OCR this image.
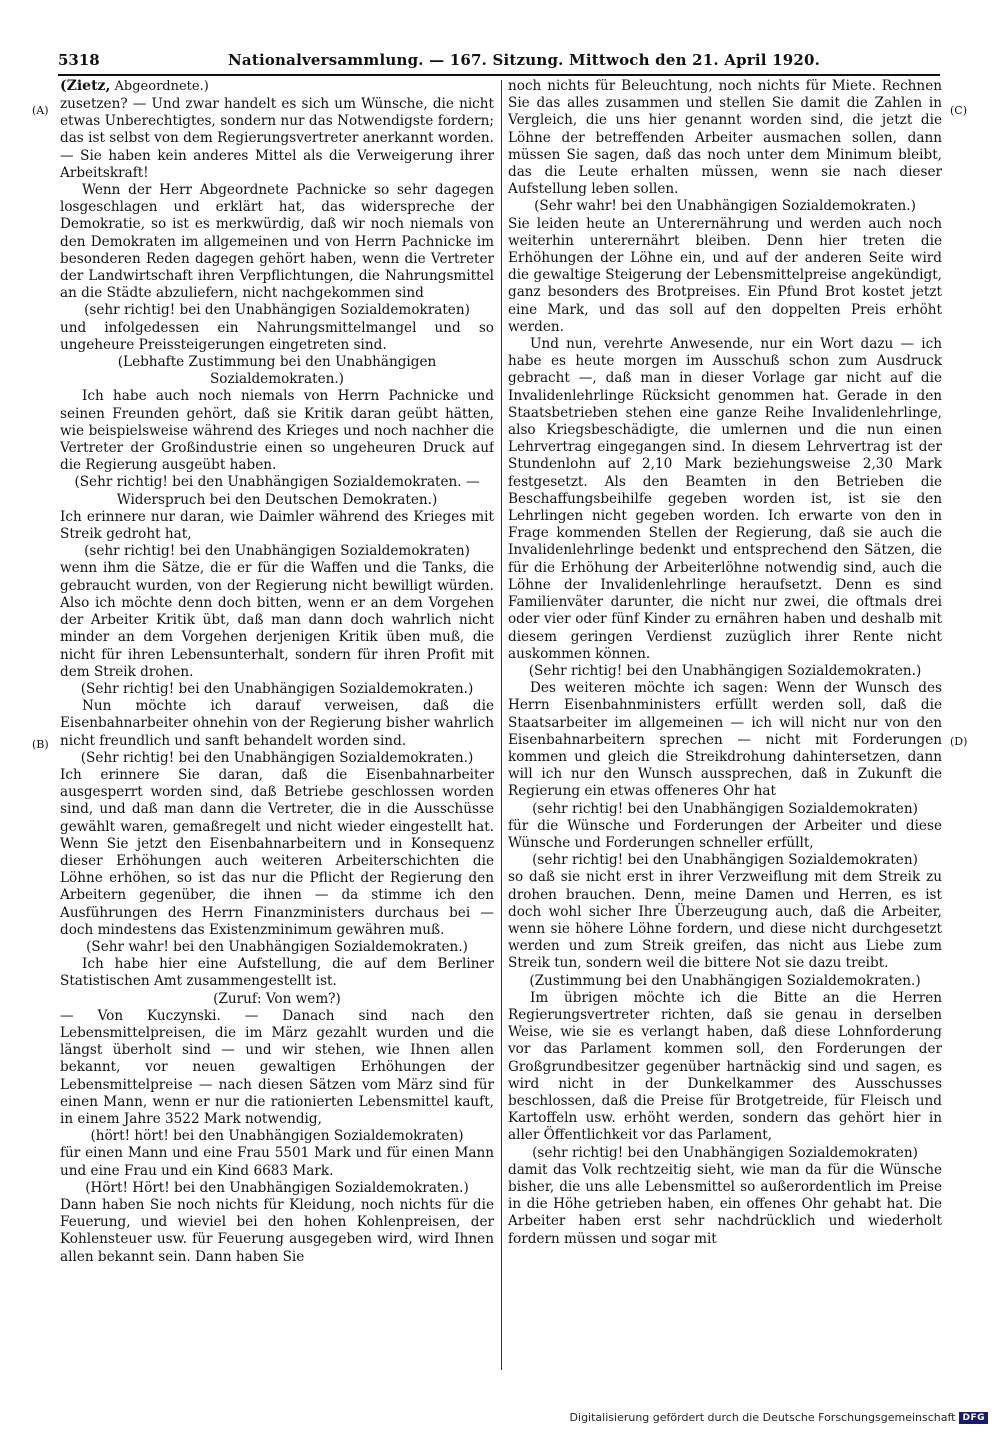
5318	Nationalversammlung. — 167. Sitzung. Mittwoch den 21. April 1920.
(Zietz, Abgeordnete.)
(A)
(B)
(C)
(D)

zusetzen? — Und zwar handelt es sich um Wünsche, die nicht etwas Unberechtigtes, sondern nur das Notwendigste fordern; das ist selbst von dem Regierungsvertreter anerkannt worden. — Sie haben kein anderes Mittel als die Verweigerung ihrer Arbeitskraft!

Wenn der Herr Abgeordnete Pachnicke so sehr dagegen losgeschlagen und erklärt hat, das widerspreche der Demokratie, so ist es merkwürdig, daß wir noch niemals von den Demokraten im allgemeinen und von Herrn Pachnicke im besonderen Reden dagegen gehört haben, wenn die Vertreter der Landwirtschaft ihren Verpflichtungen, die Nahrungsmittel an die Städte abzuliefern, nicht nachgekommen sind

(sehr richtig! bei den Unabhängigen Sozialdemokraten)

und infolgedessen ein Nahrungsmittelmangel und so ungeheure Preissteigerungen eingetreten sind.

(Lebhafte Zustimmung bei den Unabhängigen Sozialdemokraten.)

Ich habe auch noch niemals von Herrn Pachnicke und seinen Freunden gehört, daß sie Kritik daran geübt hätten, wie beispielsweise während des Krieges und noch nachher die Vertreter der Großindustrie einen so ungeheuren Druck auf die Regierung ausgeübt haben.

(Sehr richtig! bei den Unabhängigen Sozialdemokraten. — Widerspruch bei den Deutschen Demokraten.)

Ich erinnere nur daran, wie Daimler während des Krieges mit Streik gedroht hat,

(sehr richtig! bei den Unabhängigen Sozialdemokraten)

wenn ihm die Sätze, die er für die Waffen und die Tanks, die gebraucht wurden, von der Regierung nicht bewilligt würden. Also ich möchte denn doch bitten, wenn er an dem Vorgehen der Arbeiter Kritik übt, daß man dann doch wahrlich nicht minder an dem Vorgehen derjenigen Kritik üben muß, die nicht für ihren Lebensunterhalt, sondern für ihren Profit mit dem Streik drohen.

(Sehr richtig! bei den Unabhängigen Sozialdemokraten.)

Nun möchte ich darauf verweisen, daß die Eisenbahnarbeiter ohnehin von der Regierung bisher wahrlich nicht freundlich und sanft behandelt worden sind.

(Sehr richtig! bei den Unabhängigen Sozialdemokraten.)

Ich erinnere Sie daran, daß die Eisenbahnarbeiter ausgesperrt worden sind, daß Betriebe geschlossen worden sind, und daß man dann die Vertreter, die in die Ausschüsse gewählt waren, gemaßregelt und nicht wieder eingestellt hat. Wenn Sie jetzt den Eisenbahnarbeitern und in Konsequenz dieser Erhöhungen auch weiteren Arbeiterschichten die Löhne erhöhen, so ist das nur die Pflicht der Regierung den Arbeitern gegenüber, die ihnen — da stimme ich den Ausführungen des Herrn Finanzministers durchaus bei — doch mindestens das Existenzminimum gewähren muß.

(Sehr wahr! bei den Unabhängigen Sozialdemokraten.)

Ich habe hier eine Aufstellung, die auf dem Berliner Statistischen Amt zusammengestellt ist.

(Zuruf: Von wem?)

— Von Kuczynski. — Danach sind nach den Lebensmittelpreisen, die im März gezahlt wurden und die längst überholt sind — und wir stehen, wie Ihnen allen bekannt, vor neuen gewaltigen Erhöhungen der Lebensmittelpreise — nach diesen Sätzen vom März sind für einen Mann, wenn er nur die rationierten Lebensmittel kauft, in einem Jahre 3522 Mark notwendig,

(hört! hört! bei den Unabhängigen Sozialdemokraten)

für einen Mann und eine Frau 5501 Mark und für einen Mann und eine Frau und ein Kind 6683 Mark.

(Hört! Hört! bei den Unabhängigen Sozialdemokraten.)

Dann haben Sie noch nichts für Kleidung, noch nichts für die Feuerung, und wieviel bei den hohen Kohlenpreisen, der Kohlensteuer usw. für Feuerung ausgegeben wird, wird Ihnen allen bekannt sein. Dann haben Sie

noch nichts für Beleuchtung, noch nichts für Miete. Rechnen Sie das alles zusammen und stellen Sie damit die Zahlen in Vergleich, die uns hier genannt worden sind, die jetzt die Löhne der betreffenden Arbeiter ausmachen sollen, dann müssen Sie sagen, daß das noch unter dem Minimum bleibt, das die Leute erhalten müssen, wenn sie nach dieser Aufstellung leben sollen.

(Sehr wahr! bei den Unabhängigen Sozialdemokraten.)

Sie leiden heute an Unterernährung und werden auch noch weiterhin unterernährt bleiben. Denn hier treten die Erhöhungen der Löhne ein, und auf der anderen Seite wird die gewaltige Steigerung der Lebensmittelpreise angekündigt, ganz besonders des Brotpreises. Ein Pfund Brot kostet jetzt eine Mark, und das soll auf den doppelten Preis erhöht werden.

Und nun, verehrte Anwesende, nur ein Wort dazu — ich habe es heute morgen im Ausschuß schon zum Ausdruck gebracht —, daß man in dieser Vorlage gar nicht auf die Invalidenlehrlinge Rücksicht genommen hat. Gerade in den Staatsbetrieben stehen eine ganze Reihe Invalidenlehrlinge, also Kriegsbeschädigte, die umlernen und die nun einen Lehrvertrag eingegangen sind. In diesem Lehrvertrag ist der Stundenlohn auf 2,10 Mark beziehungsweise 2,30 Mark festgesetzt. Als den Beamten in den Betrieben die Beschaffungsbeihilfe gegeben worden ist, ist sie den Lehrlingen nicht gegeben worden. Ich erwarte von den in Frage kommenden Stellen der Regierung, daß sie auch die Invalidenlehrlinge bedenkt und entsprechend den Sätzen, die für die Erhöhung der Arbeiterlöhne notwendig sind, auch die Löhne der Invalidenlehrlinge heraufsetzt. Denn es sind Familienväter darunter, die nicht nur zwei, die oftmals drei oder vier oder fünf Kinder zu ernähren haben und deshalb mit diesem geringen Verdienst zuzüglich ihrer Rente nicht auskommen können.

(Sehr richtig! bei den Unabhängigen Sozialdemokraten.)

Des weiteren möchte ich sagen: Wenn der Wunsch des Herrn Eisenbahnministers erfüllt werden soll, daß die Staatsarbeiter im allgemeinen — ich will nicht nur von den Eisenbahnarbeitern sprechen — nicht mit Forderungen kommen und gleich die Streikdrohung dahintersetzen, dann will ich nur den Wunsch aussprechen, daß in Zukunft die Regierung ein etwas offeneres Ohr hat

(sehr richtig! bei den Unabhängigen Sozialdemokraten)

für die Wünsche und Forderungen der Arbeiter und diese Wünsche und Forderungen schneller erfüllt,

(sehr richtig! bei den Unabhängigen Sozialdemokraten)

so daß sie nicht erst in ihrer Verzweiflung mit dem Streik zu drohen brauchen. Denn, meine Damen und Herren, es ist doch wohl sicher Ihre Überzeugung auch, daß die Arbeiter, wenn sie höhere Löhne fordern, und diese nicht durchgesetzt werden und zum Streik greifen, das nicht aus Liebe zum Streik tun, sondern weil die bittere Not sie dazu treibt.

(Zustimmung bei den Unabhängigen Sozialdemokraten.)

Im übrigen möchte ich die Bitte an die Herren Regierungsvertreter richten, daß sie genau in derselben Weise, wie sie es verlangt haben, daß diese Lohnforderung vor das Parlament kommen soll, den Forderungen der Großgrundbesitzer gegenüber hartnäckig sind und sagen, es wird nicht in der Dunkelkammer des Ausschusses beschlossen, daß die Preise für Brotgetreide, für Fleisch und Kartoffeln usw. erhöht werden, sondern das gehört hier in aller Öffentlichkeit vor das Parlament,

(sehr richtig! bei den Unabhängigen Sozialdemokraten)

damit das Volk rechtzeitig sieht, wie man da für die Wünsche bisher, die uns alle Lebensmittel so außerordentlich im Preise in die Höhe getrieben haben, ein offenes Ohr gehabt hat. Die Arbeiter haben erst sehr nachdrücklich und wiederholt fordern müssen und sogar mit

Digitalisierung gefördert durch die Deutsche Forschungsgemeinschaft DFG
